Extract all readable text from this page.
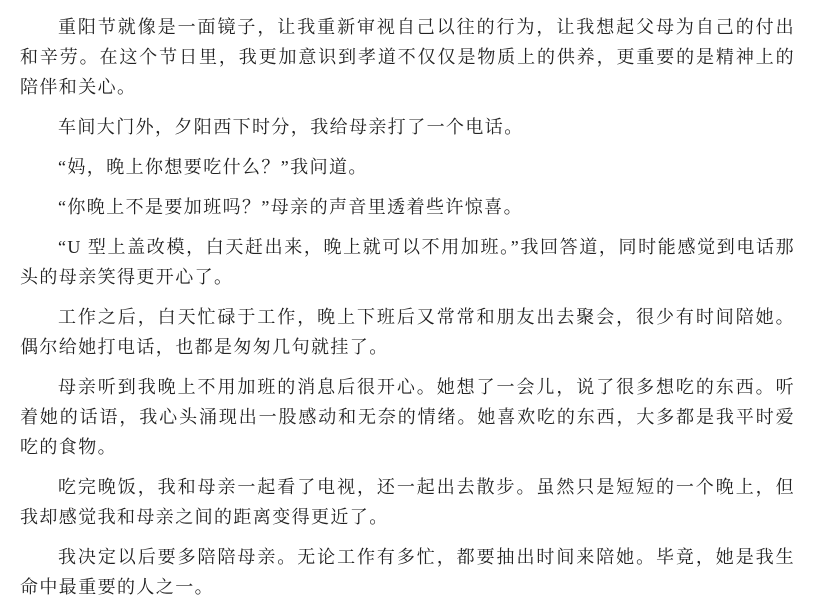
重阳节就像是一面镜子，让我重新审视自己以往的行为，让我想起父母为自己的付出和辛劳。在这个节日里，我更加意识到孝道不仅仅是物质上的供养，更重要的是精神上的陪伴和关心。

车间大门外，夕阳西下时分，我给母亲打了一个电话。

“妈，晚上你想要吃什么？”我问道。

“你晚上不是要加班吗？”母亲的声音里透着些许惊喜。

“U 型上盖改模，白天赶出来，晚上就可以不用加班。”我回答道，同时能感觉到电话那头的母亲笑得更开心了。

工作之后，白天忙碌于工作，晚上下班后又常常和朋友出去聚会，很少有时间陪她。偶尔给她打电话，也都是匆匆几句就挂了。

母亲听到我晚上不用加班的消息后很开心。她想了一会儿，说了很多想吃的东西。听着她的话语，我心头涌现出一股感动和无奈的情绪。她喜欢吃的东西，大多都是我平时爱吃的食物。

吃完晚饭，我和母亲一起看了电视，还一起出去散步。虽然只是短短的一个晚上，但我却感觉我和母亲之间的距离变得更近了。

我决定以后要多陪陪母亲。无论工作有多忙，都要抽出时间来陪她。毕竟，她是我生命中最重要的人之一。
